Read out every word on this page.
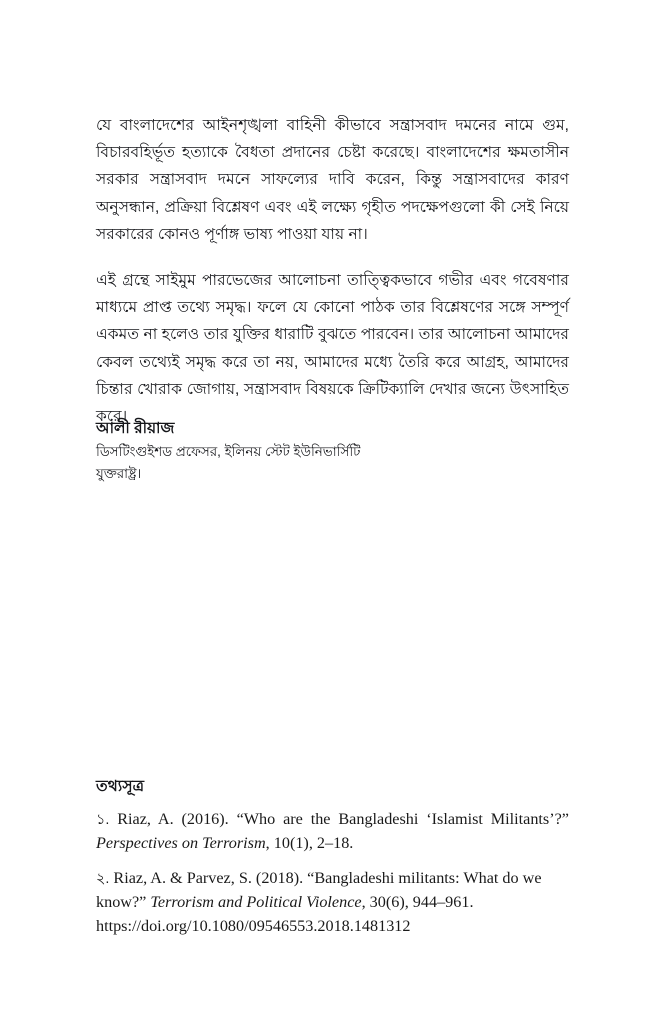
যে বাংলাদেশের আইনশৃঙ্খলা বাহিনী কীভাবে সন্ত্রাসবাদ দমনের নামে গুম, বিচারবহির্ভূত হত্যাকে বৈধতা প্রদানের চেষ্টা করেছে। বাংলাদেশের ক্ষমতাসীন সরকার সন্ত্রাসবাদ দমনে সাফল্যের দাবি করেন, কিন্তু সন্ত্রাসবাদের কারণ অনুসন্ধান, প্রক্রিয়া বিশ্লেষণ এবং এই লক্ষ্যে গৃহীত পদক্ষেপগুলো কী সেই নিয়ে সরকারের কোনও পূর্ণাঙ্গ ভাষ্য পাওয়া যায় না।

এই গ্রন্থে সাইমুম পারভেজের আলোচনা তাত্ত্বিকভাবে গভীর এবং গবেষণার মাধ্যমে প্রাপ্ত তথ্যে সমৃদ্ধ। ফলে যে কোনো পাঠক তার বিশ্লেষণের সঙ্গে সম্পূর্ণ একমত না হলেও তার যুক্তির ধারাটি বুঝতে পারবেন। তার আলোচনা আমাদের কেবল তথ্যেই সমৃদ্ধ করে তা নয়, আমাদের মধ্যে তৈরি করে আগ্রহ, আমাদের চিন্তার খোরাক জোগায়, সন্ত্রাসবাদ বিষয়কে ক্রিটিক্যালি দেখার জন্যে উৎসাহিত করে।

আলী রীয়াজ

ডিসটিংগুইশড প্রফেসর, ইলিনয় স্টেট ইউনিভার্সিটি

যুক্তরাষ্ট্র।

তথ্যসূত্র

১. Riaz, A. (2016). “Who are the Bangladeshi ‘Islamist Militants’?” Perspectives on Terrorism, 10(1), 2–18.

২. Riaz, A. & Parvez, S. (2018). “Bangladeshi militants: What do we know?” Terrorism and Political Violence, 30(6), 944–961. https://doi.org/10.1080/09546553.2018.1481312
